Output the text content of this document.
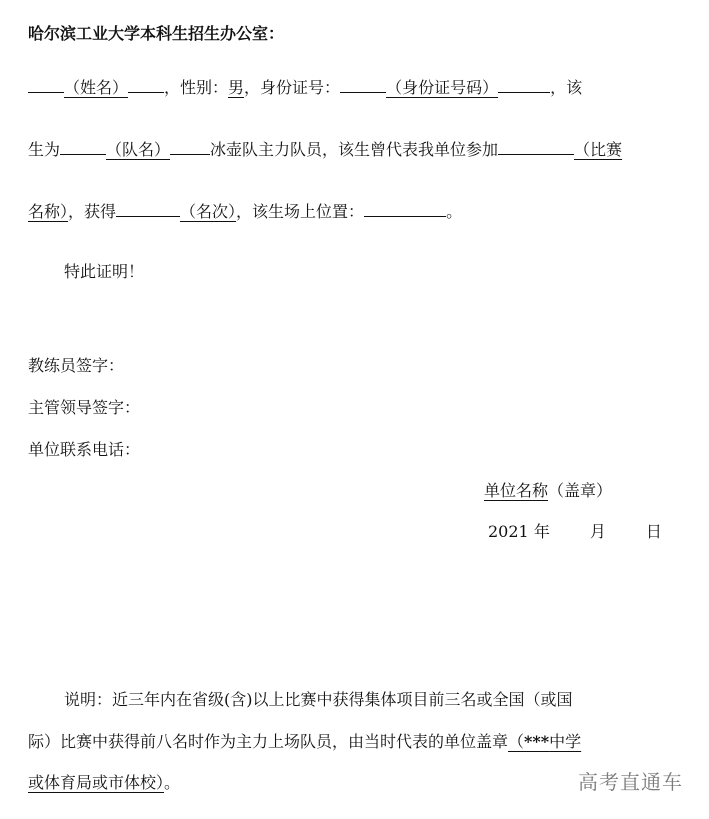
哈尔滨工业大学本科生招生办公室：
（姓名） ，性别：男，身份证号：	（身份证号码）	，该
生为	（队名）	冰壶队主力队员，该生曾代表我单位参加	（比赛
名称），获得	（名次），该生场上位置：	。
特此证明！
教练员签字：
主管领导签字：
单位联系电话：
单位名称（盖章）
2021 年	月	日
说明：近三年内在省级(含)以上比赛中获得集体项目前三名或全国（或国
际）比赛中获得前八名时作为主力上场队员，由当时代表的单位盖章（***中学
或体育局或市体校）。	高考直通车
